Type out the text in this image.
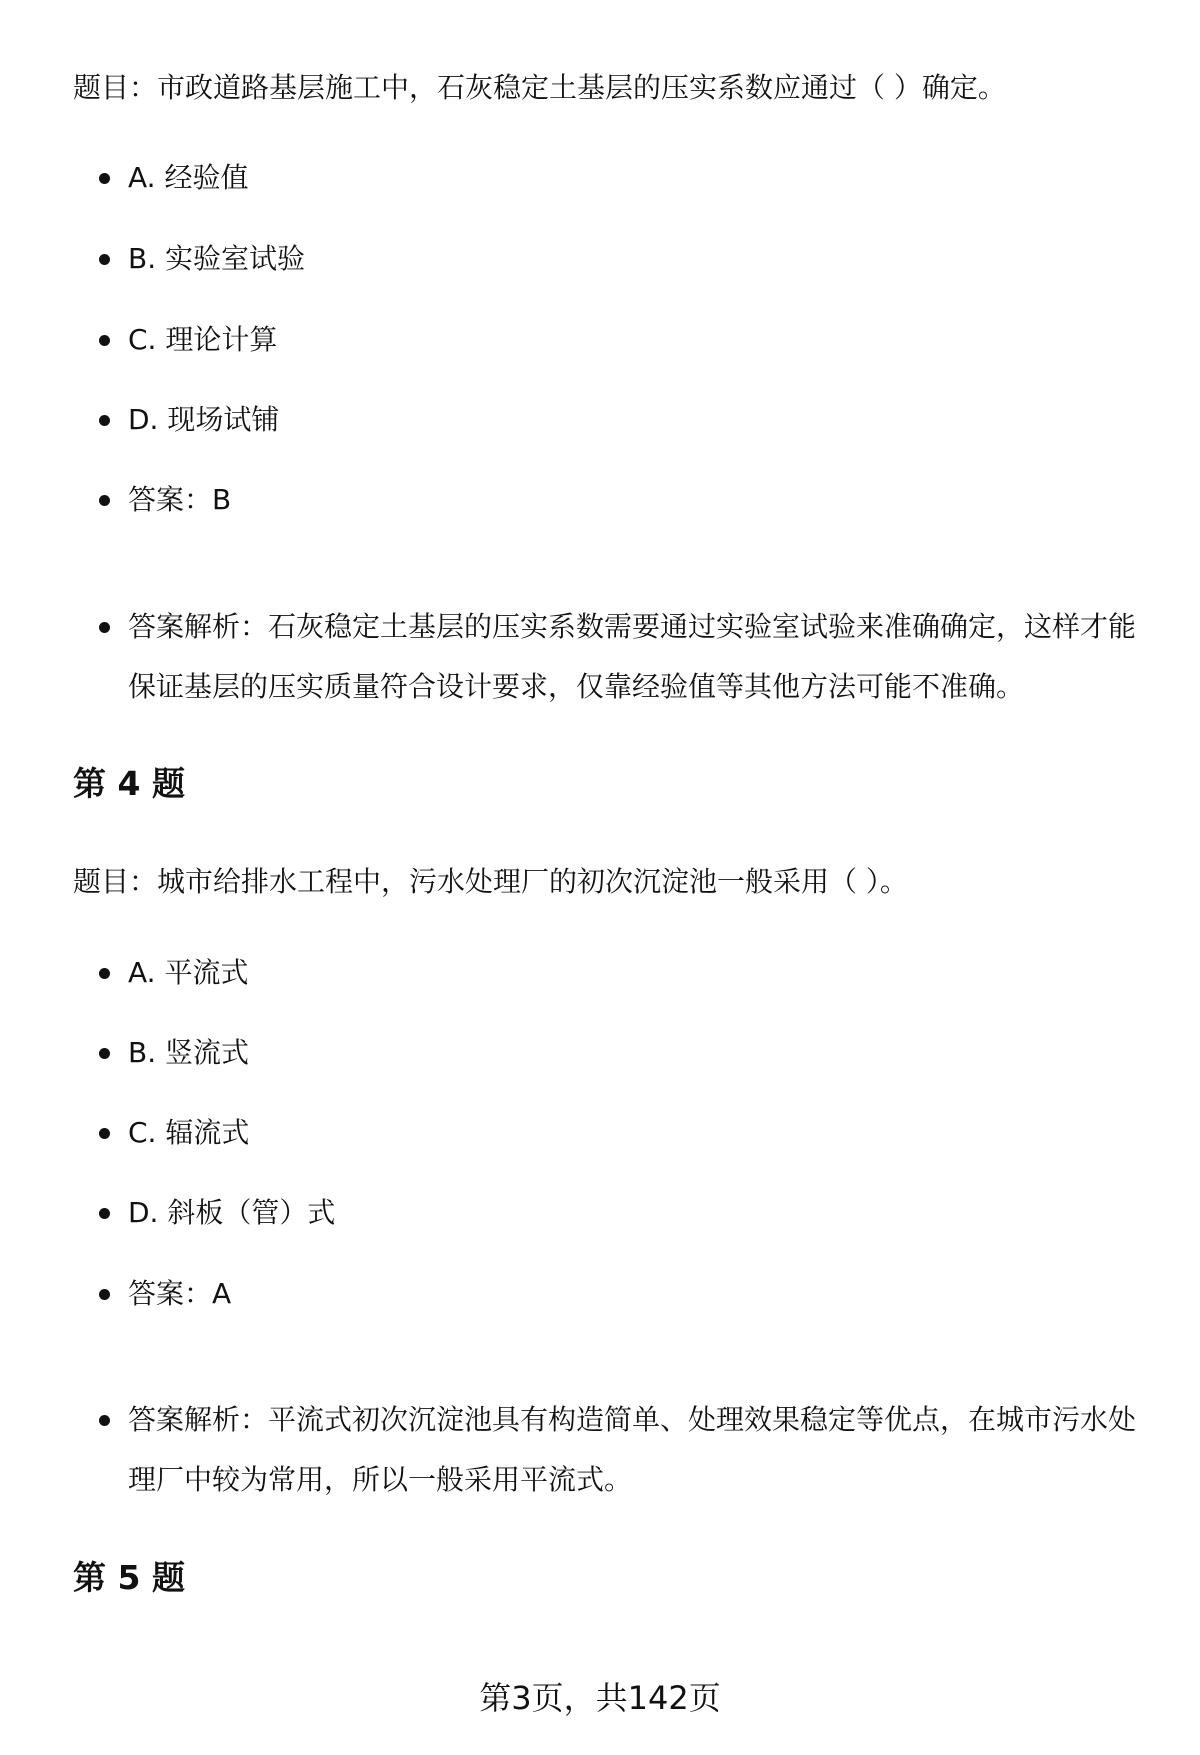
题目：市政道路基层施工中，石灰稳定土基层的压实系数应通过（ ）确定。
A. 经验值
B. 实验室试验
C. 理论计算
D. 现场试铺
答案：B
答案解析：石灰稳定土基层的压实系数需要通过实验室试验来准确确定，这样才能保证基层的压实质量符合设计要求，仅靠经验值等其他方法可能不准确。
第 4 题
题目：城市给排水工程中，污水处理厂的初次沉淀池一般采用（ ）。
A. 平流式
B. 竖流式
C. 辐流式
D. 斜板（管）式
答案：A
答案解析：平流式初次沉淀池具有构造简单、处理效果稳定等优点，在城市污水处理厂中较为常用，所以一般采用平流式。
第 5 题
第3页，共142页
